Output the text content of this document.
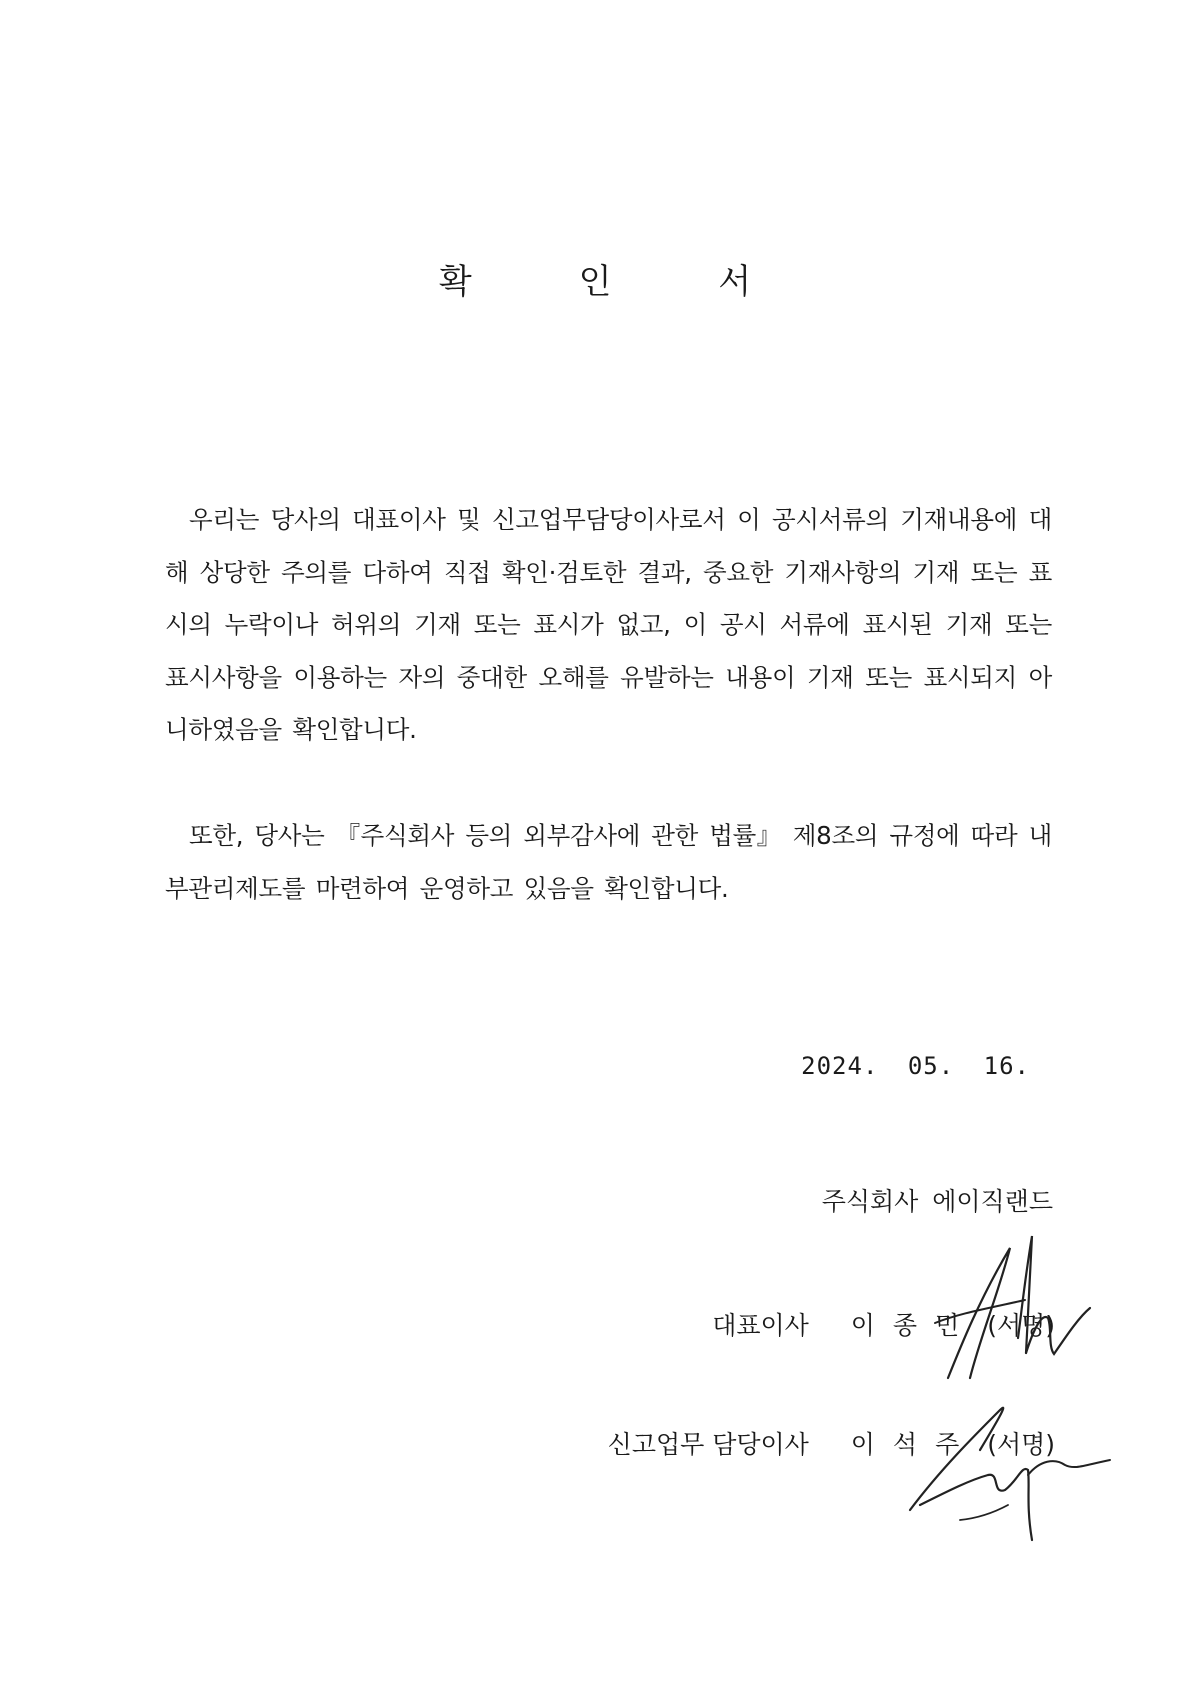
확	인	서

우리는 당사의 대표이사 및 신고업무담당이사로서 이 공시서류의 기재내용에 대해 상당한 주의를 다하여 직접 확인·검토한 결과, 중요한 기재사항의 기재 또는 표시의 누락이나 허위의 기재 또는 표시가 없고, 이 공시 서류에 표시된 기재 또는 표시사항을 이용하는 자의 중대한 오해를 유발하는 내용이 기재 또는 표시되지 아니하였음을 확인합니다.

또한, 당사는 『주식회사 등의 외부감사에 관한 법률』 제8조의 규정에 따라 내부관리제도를 마련하여 운영하고 있음을 확인합니다.

2024. 05. 16.
주식회사 에이직랜드
대표이사 이종민 (서명)
신고업무 담당이사 이석주 (서명)
